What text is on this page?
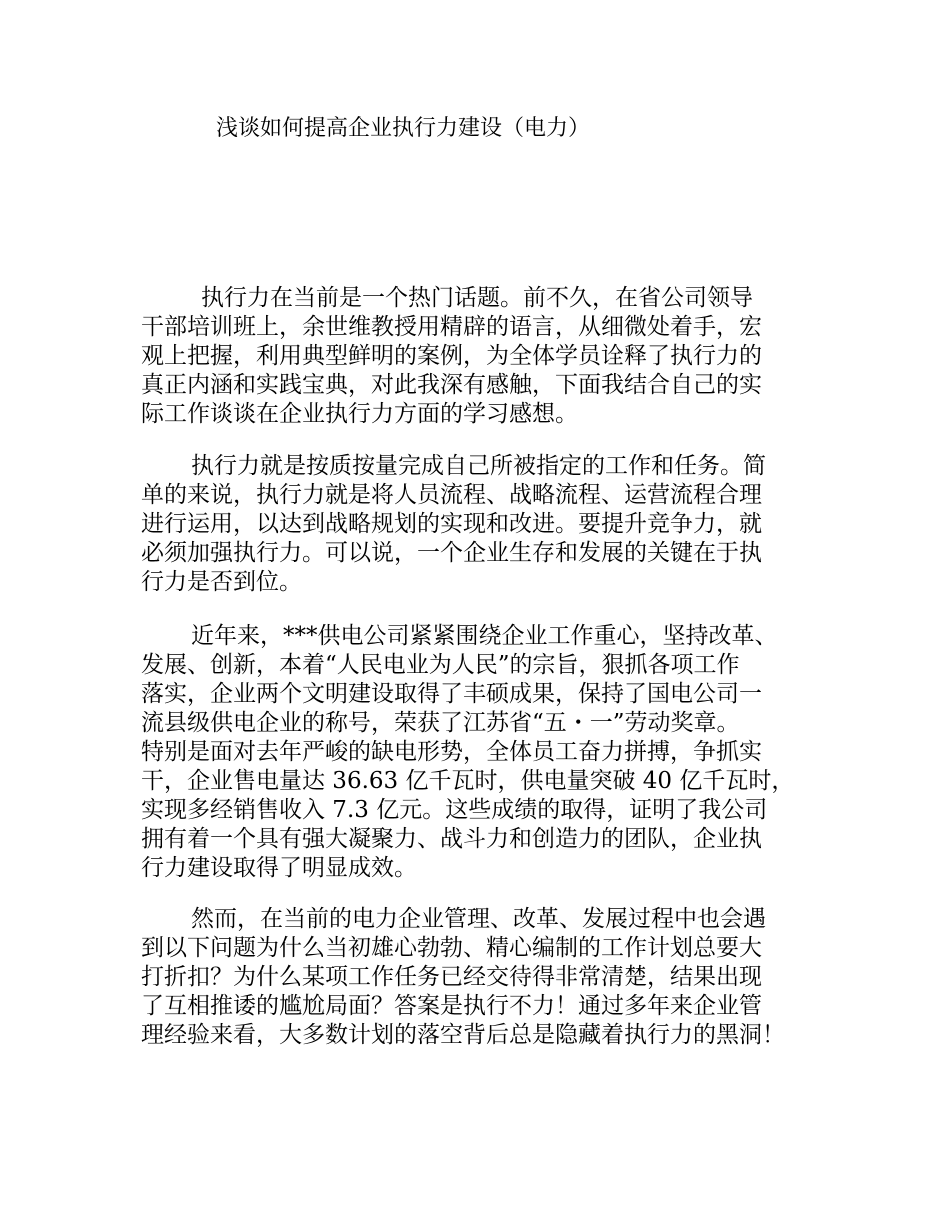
浅谈如何提高企业执行力建设（电力）
执行力在当前是一个热门话题。前不久，在省公司领导
干部培训班上，余世维教授用精辟的语言，从细微处着手，宏
观上把握，利用典型鲜明的案例，为全体学员诠释了执行力的
真正内涵和实践宝典，对此我深有感触，下面我结合自己的实
际工作谈谈在企业执行力方面的学习感想。
执行力就是按质按量完成自己所被指定的工作和任务。简
单的来说，执行力就是将人员流程、战略流程、运营流程合理
进行运用，以达到战略规划的实现和改进。要提升竞争力，就
必须加强执行力。可以说，一个企业生存和发展的关键在于执
行力是否到位。
近年来，***供电公司紧紧围绕企业工作重心，坚持改革、
发展、创新，本着“人民电业为人民”的宗旨，狠抓各项工作
落实，企业两个文明建设取得了丰硕成果，保持了国电公司一
流县级供电企业的称号，荣获了江苏省“五・一”劳动奖章。
特别是面对去年严峻的缺电形势，全体员工奋力拼搏，争抓实
干，企业售电量达 36.63 亿千瓦时，供电量突破 40 亿千瓦时，
实现多经销售收入 7.3 亿元。这些成绩的取得，证明了我公司
拥有着一个具有强大凝聚力、战斗力和创造力的团队，企业执
行力建设取得了明显成效。
然而，在当前的电力企业管理、改革、发展过程中也会遇
到以下问题为什么当初雄心勃勃、精心编制的工作计划总要大
打折扣？为什么某项工作任务已经交待得非常清楚，结果出现
了互相推诿的尴尬局面？答案是执行不力！通过多年来企业管
理经验来看，大多数计划的落空背后总是隐藏着执行力的黑洞！
